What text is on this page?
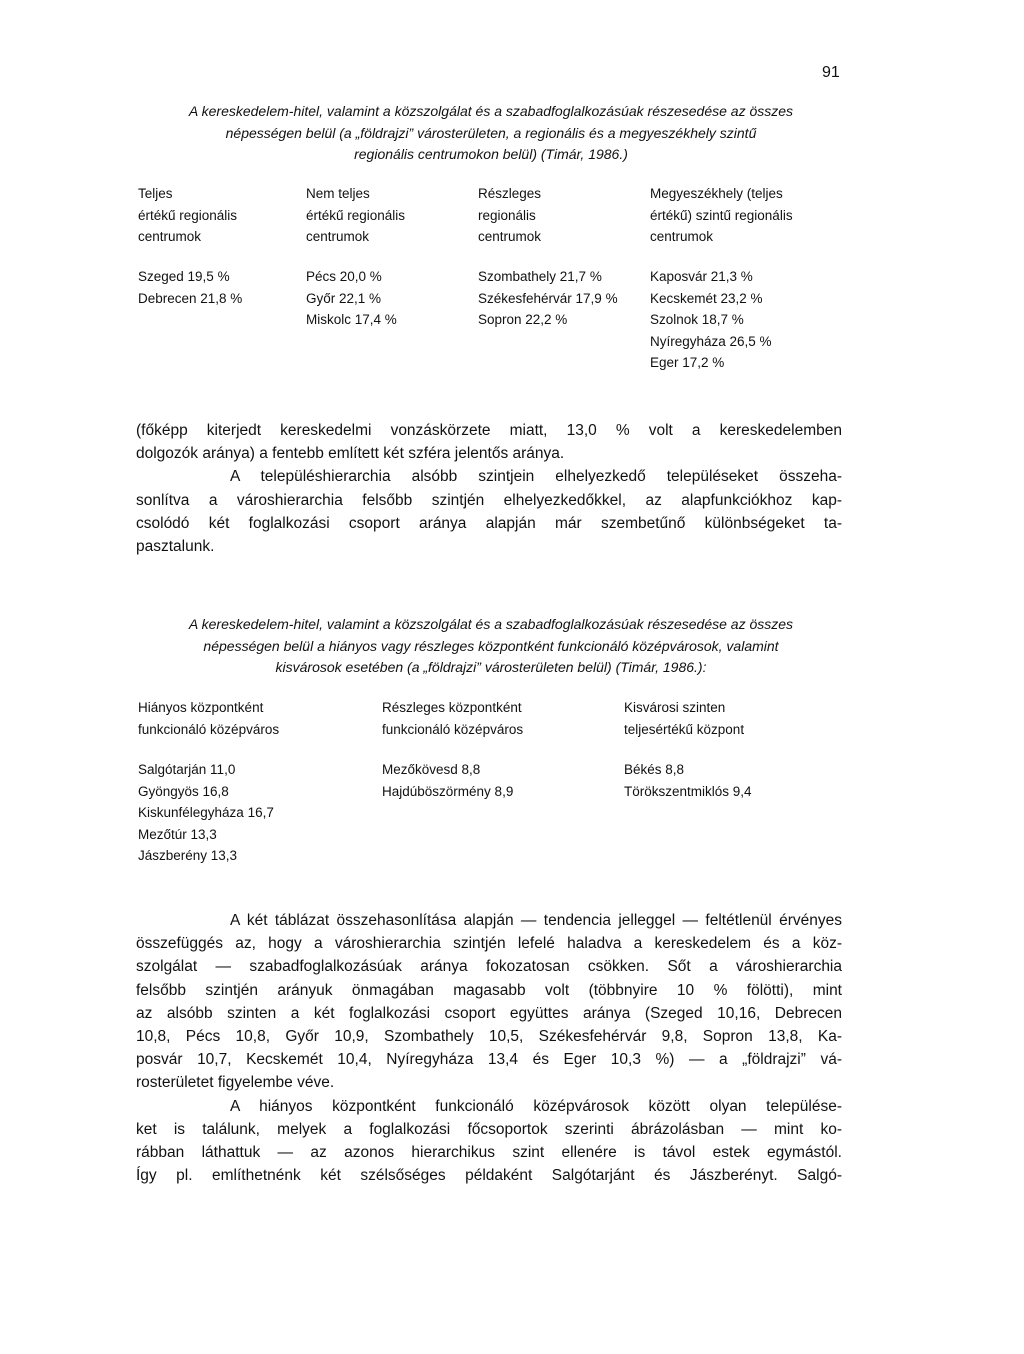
91
A kereskedelem-hitel, valamint a közszolgálat és a szabadfoglalkozásúak részesedése az összes
népességen belül (a „földrajzi” városterületen, a regionális és a megyeszékhely szintű
regionális centrumokon belül) (Timár, 1986.)
Teljes
értékű regionális
centrumok
Szeged 19,5 %
Debrecen 21,8 %
Nem teljes
értékű regionális
centrumok
Pécs 20,0 %
Győr 22,1 %
Miskolc 17,4 %
Részleges
regionális
centrumok
Szombathely 21,7 %
Székesfehérvár 17,9 %
Sopron 22,2 %
Megyeszékhely (teljes
értékű) szintű regionális
centrumok
Kaposvár 21,3 %
Kecskemét 23,2 %
Szolnok 18,7 %
Nyíregyháza 26,5 %
Eger 17,2 %

(főképp kiterjedt kereskedelmi vonzáskörzete miatt, 13,0 % volt a kereskedelemben

dolgozók aránya) a fentebb említett két szféra jelentős aránya.

A településhierarchia alsóbb szintjein elhelyezkedő településeket összeha-

sonlítva a városhierarchia felsőbb szintjén elhelyezkedőkkel, az alapfunkciókhoz kap-

csolódó két foglalkozási csoport aránya alapján már szembetűnő különbségeket ta-

pasztalunk.

A kereskedelem-hitel, valamint a közszolgálat és a szabadfoglalkozásúak részesedése az összes
népességen belül a hiányos vagy részleges központként funkcionáló középvárosok, valamint
kisvárosok esetében (a „földrajzi” városterületen belül) (Timár, 1986.):
Hiányos központként
funkcionáló középváros
Salgótarján 11,0
Gyöngyös 16,8
Kiskunfélegyháza 16,7
Mezőtúr 13,3
Jászberény 13,3
Részleges központként
funkcionáló középváros
Mezőkövesd 8,8
Hajdúböszörmény 8,9
Kisvárosi szinten
teljesértékű központ
Békés 8,8
Törökszentmiklós 9,4

A két táblázat összehasonlítása alapján — tendencia jelleggel — feltétlenül érvényes

összefüggés az, hogy a városhierarchia szintjén lefelé haladva a kereskedelem és a köz-

szolgálat — szabadfoglalkozásúak aránya fokozatosan csökken. Sőt a városhierarchia

felsőbb szintjén arányuk önmagában magasabb volt (többnyire 10 % fölötti), mint

az alsóbb szinten a két foglalkozási csoport együttes aránya (Szeged 10,16, Debrecen

10,8, Pécs 10,8, Győr 10,9, Szombathely 10,5, Székesfehérvár 9,8, Sopron 13,8, Ka-

posvár 10,7, Kecskemét 10,4, Nyíregyháza 13,4 és Eger 10,3 %) — a „földrajzi” vá-

rosterületet figyelembe véve.

A hiányos központként funkcionáló középvárosok között olyan települése-

ket is találunk, melyek a foglalkozási főcsoportok szerinti ábrázolásban — mint ko-

rábban láthattuk — az azonos hierarchikus szint ellenére is távol estek egymástól.

Így pl. említhetnénk két szélsőséges példaként Salgótarjánt és Jászberényt. Salgó-
